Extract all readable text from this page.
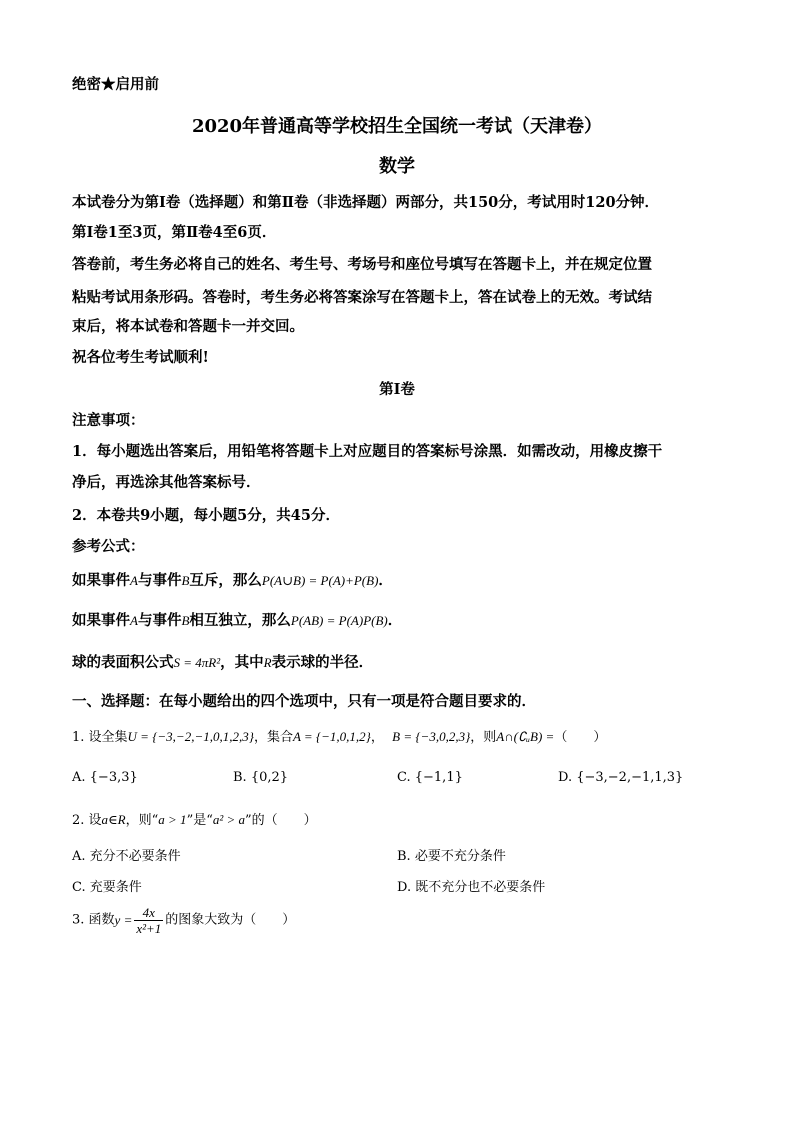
绝密★启用前
2020年普通高等学校招生全国统一考试（天津卷）
数学
本试卷分为第Ⅰ卷（选择题）和第Ⅱ卷（非选择题）两部分，共150分，考试用时120分钟．
第Ⅰ卷1至3页，第Ⅱ卷4至6页．
答卷前，考生务必将自己的姓名、考生号、考场号和座位号填写在答题卡上，并在规定位置
粘贴考试用条形码。答卷时，考生务必将答案涂写在答题卡上，答在试卷上的无效。考试结
束后，将本试卷和答题卡一并交回。
祝各位考生考试顺利!
第Ⅰ卷
注意事项：
1．每小题选出答案后，用铅笔将答题卡上对应题目的答案标号涂黑．如需改动，用橡皮擦干
净后，再选涂其他答案标号．
2．本卷共9小题，每小题5分，共45分．
参考公式：
如果事件A与事件B互斥，那么P(A∪B) = P(A)+P(B)．
如果事件A与事件B相互独立，那么P(AB) = P(A)P(B)．
球的表面积公式S = 4πR²，其中R表示球的半径．
一、选择题：在每小题给出的四个选项中，只有一项是符合题目要求的．
1. 设全集U = {−3,−2,−1,0,1,2,3}，集合A = {−1,0,1,2}， B = {−3,0,2,3}，则A∩(∁ᵤB) =（　　）
A. {−3,3}	B. {0,2}	C. {−1,1}	D. {−3,−2,−1,1,3}
2. 设a∈R，则“a > 1”是“a² > a”的（　　）
A. 充分不必要条件	B. 必要不充分条件
C. 充要条件	D. 既不充分也不必要条件
3. 函数$y = \frac{4x}{\text{x²+1}}$ 的图象大致为（　　）
